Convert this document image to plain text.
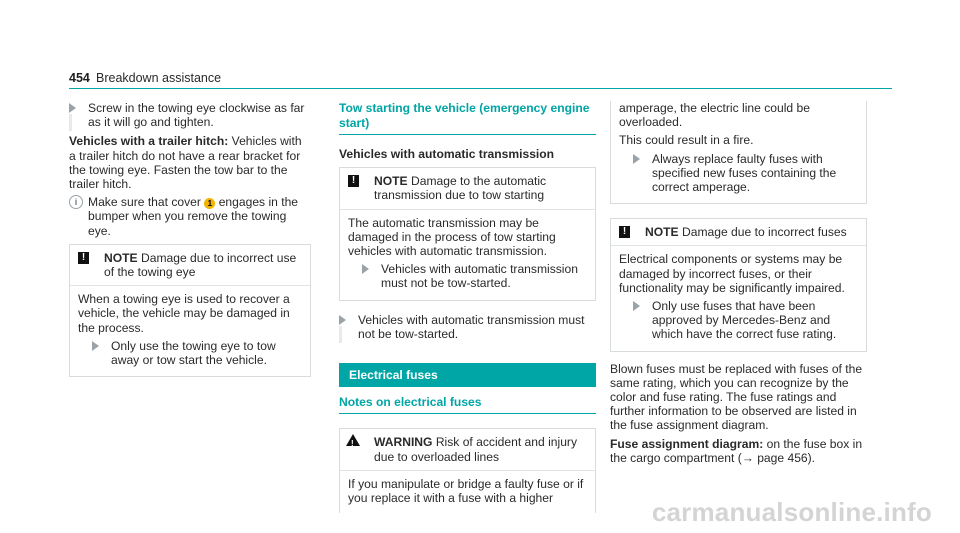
454 Breakdown assistance
Screw in the towing eye clockwise as far as it will go and tighten.

Vehicles with a trailer hitch: Vehicles with a trailer hitch do not have a rear bracket for the towing eye. Fasten the tow bar to the trailer hitch.

i Make sure that cover 1 engages in the bumper when you remove the towing eye.
!	NOTE Damage due to incorrect use of the towing eye

When a towing eye is used to recover a vehicle, the vehicle may be damaged in the process.

Only use the towing eye to tow away or tow start the vehicle.
Tow starting the vehicle (emergency engine start)

Vehicles with automatic transmission

!	NOTE Damage to the automatic transmission due to tow starting

The automatic transmission may be damaged in the process of tow starting vehicles with automatic transmission.

Vehicles with automatic transmission must not be tow-started.
Vehicles with automatic transmission must not be tow-started.
Electrical fuses
Notes on electrical fuses
! WARNING Risk of accident and injury due to overloaded lines

If you manipulate or bridge a faulty fuse or if you replace it with a fuse with a higher

amperage, the electric line could be overloaded.

This could result in a fire.

Always replace faulty fuses with specified new fuses containing the correct amperage.
!	NOTE Damage due to incorrect fuses

Electrical components or systems may be damaged by incorrect fuses, or their functionality may be significantly impaired.

Only use fuses that have been approved by Mercedes-Benz and which have the correct fuse rating.

Blown fuses must be replaced with fuses of the same rating, which you can recognize by the color and fuse rating. The fuse ratings and further information to be observed are listed in the fuse assignment diagram.

Fuse assignment diagram: on the fuse box in the cargo compartment (→ page 456).

carmanualsonline.info
